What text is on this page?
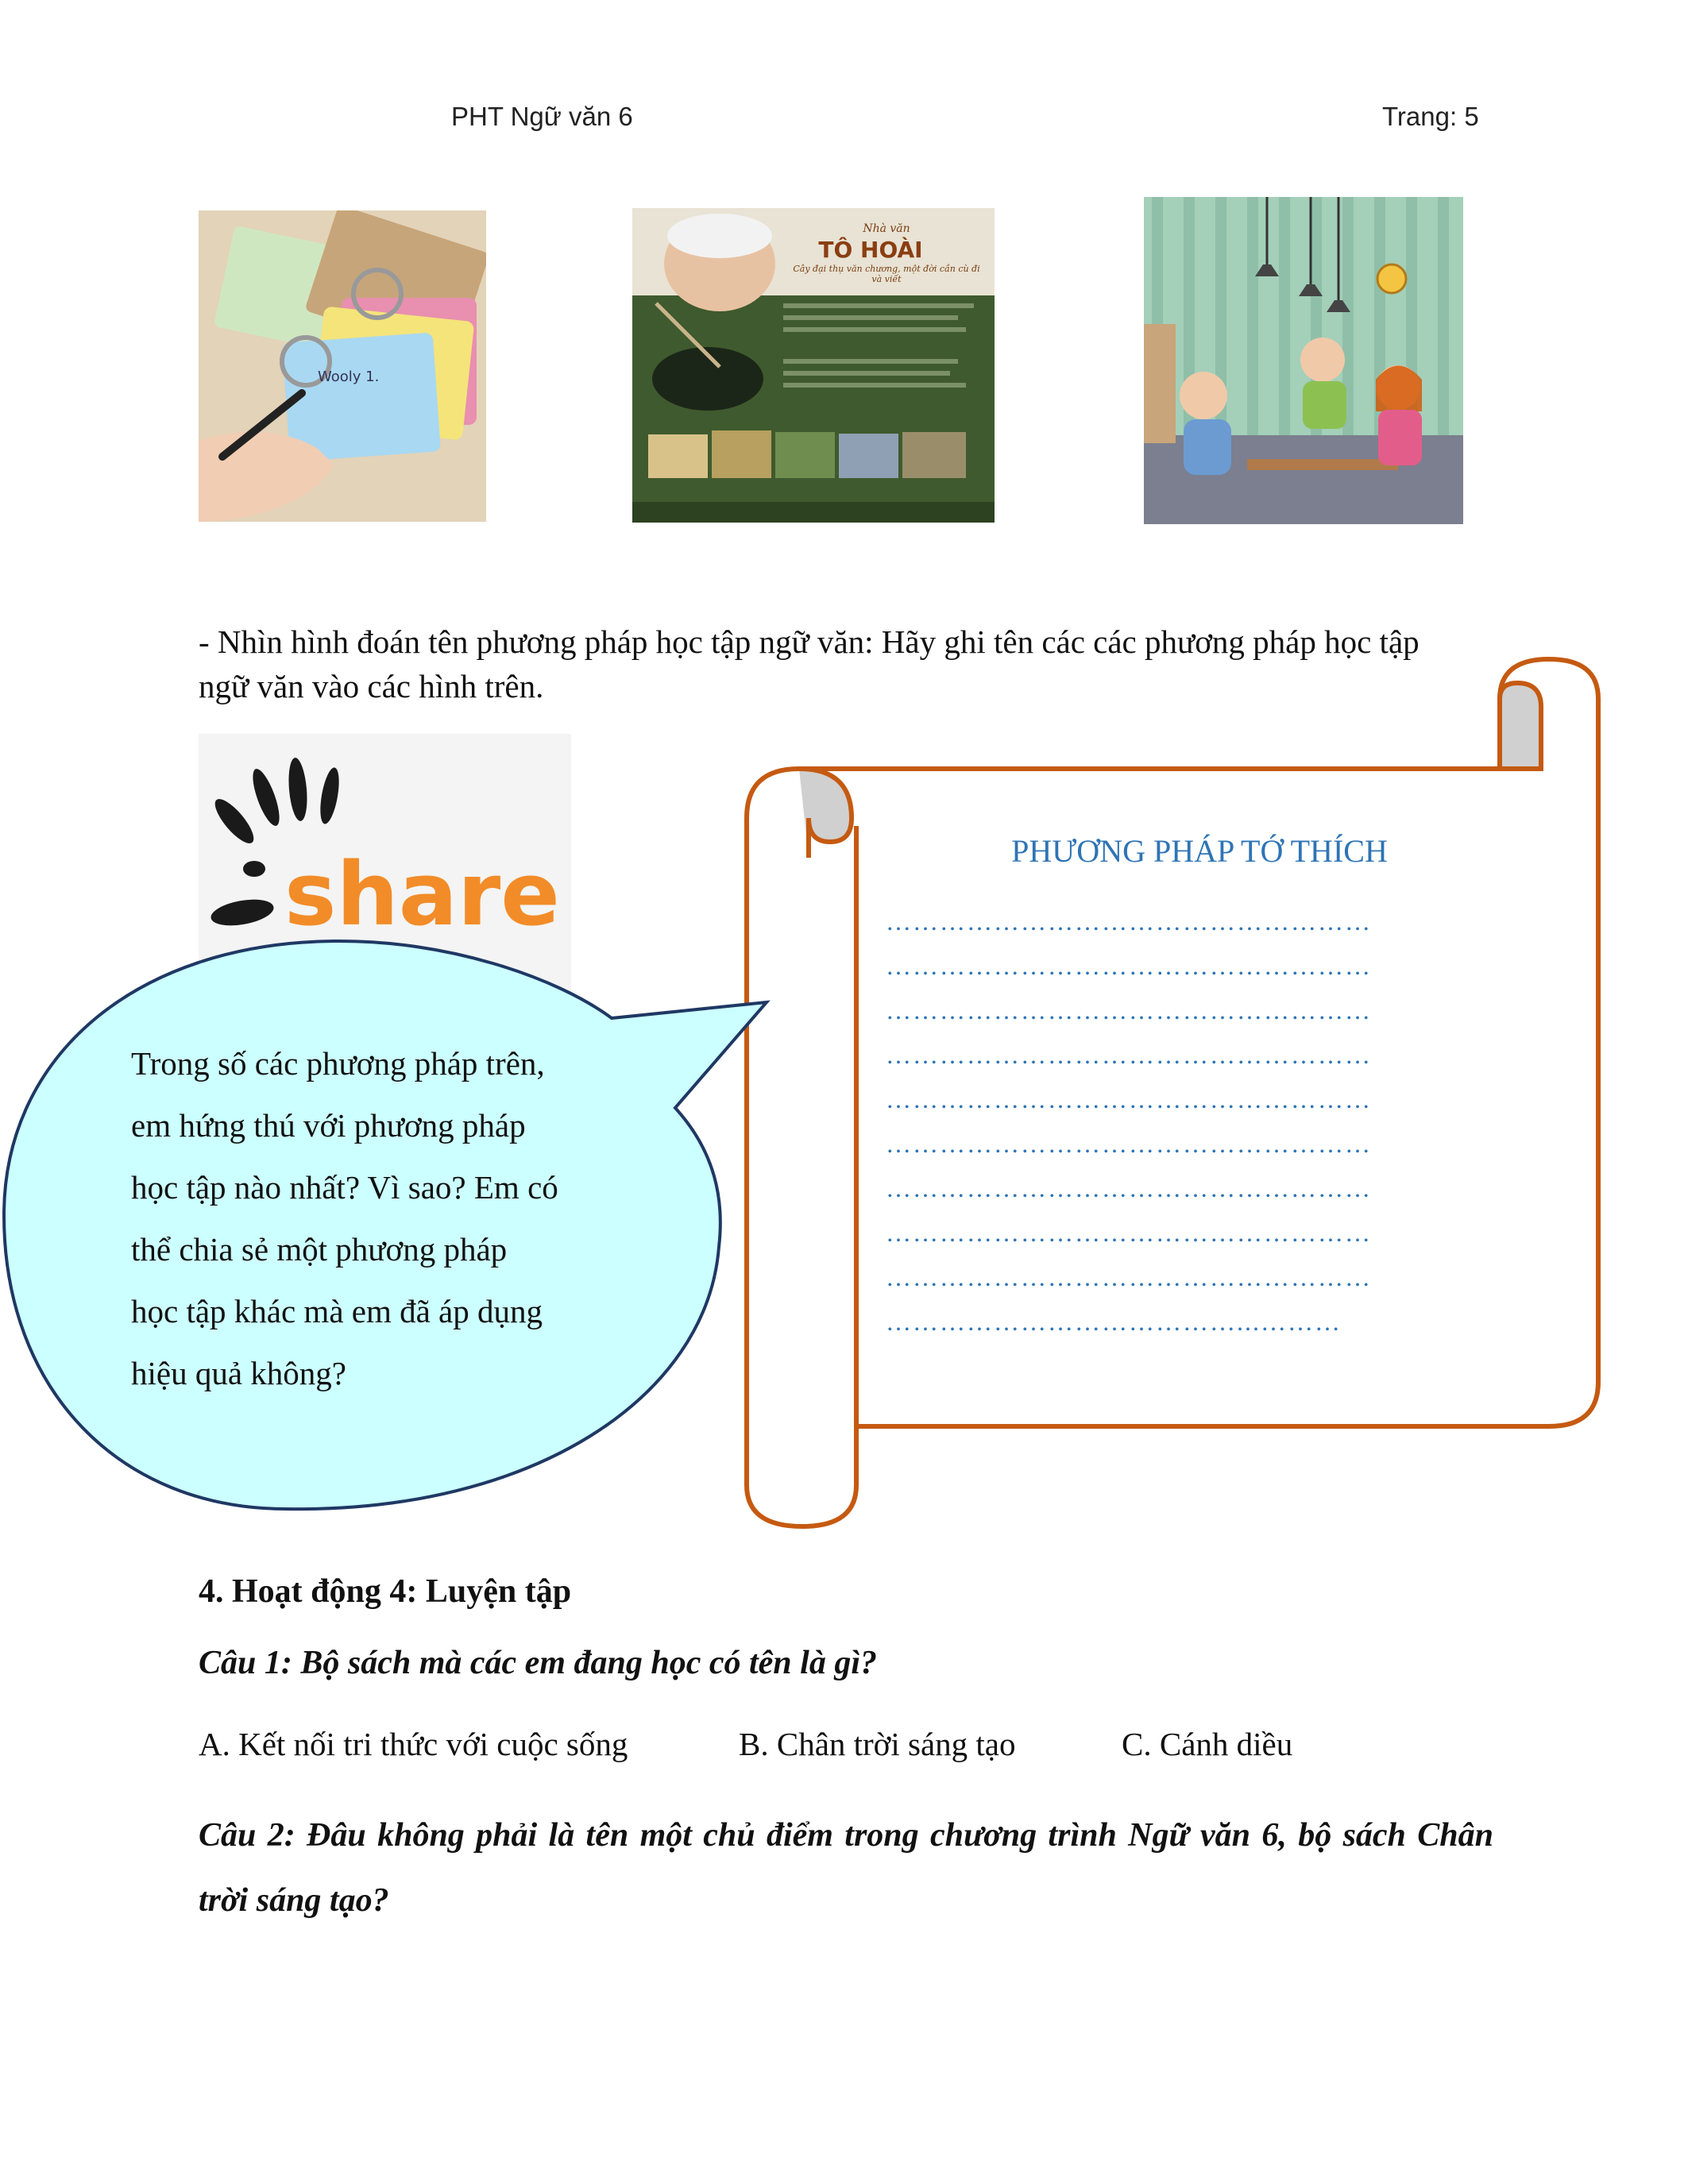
PHT Ngữ văn 6	Trang: 5
Wooly 1.
Nhà văn
TÔ HOÀI
Cây đại thụ văn chương, một đời cần cù đi và viết
- Nhìn hình đoán tên phương pháp học tập ngữ văn: Hãy ghi tên các các phương pháp học tập ngữ văn vào các hình trên.
share	PHƯƠNG PHÁP TỚ THÍCH
………………………………………………
………………………………………………
………………………………………………
………………………………………………
………………………………………………
………………………………………………
………………………………………………
………………………………………………
………………………………………………
…………………………………...………
Trong số các phương pháp trên,
em hứng thú với phương pháp
học tập nào nhất? Vì sao? Em có
thể chia sẻ một phương pháp
học tập khác mà em đã áp dụng
hiệu quả không?
4. Hoạt động 4: Luyện tập
Câu 1: Bộ sách mà các em đang học có tên là gì?
A. Kết nối tri thức với cuộc sống	B. Chân trời sáng tạo	C. Cánh diều
Câu 2: Đâu không phải là tên một chủ điểm trong chương trình Ngữ văn 6, bộ sách Chân trời sáng tạo?
